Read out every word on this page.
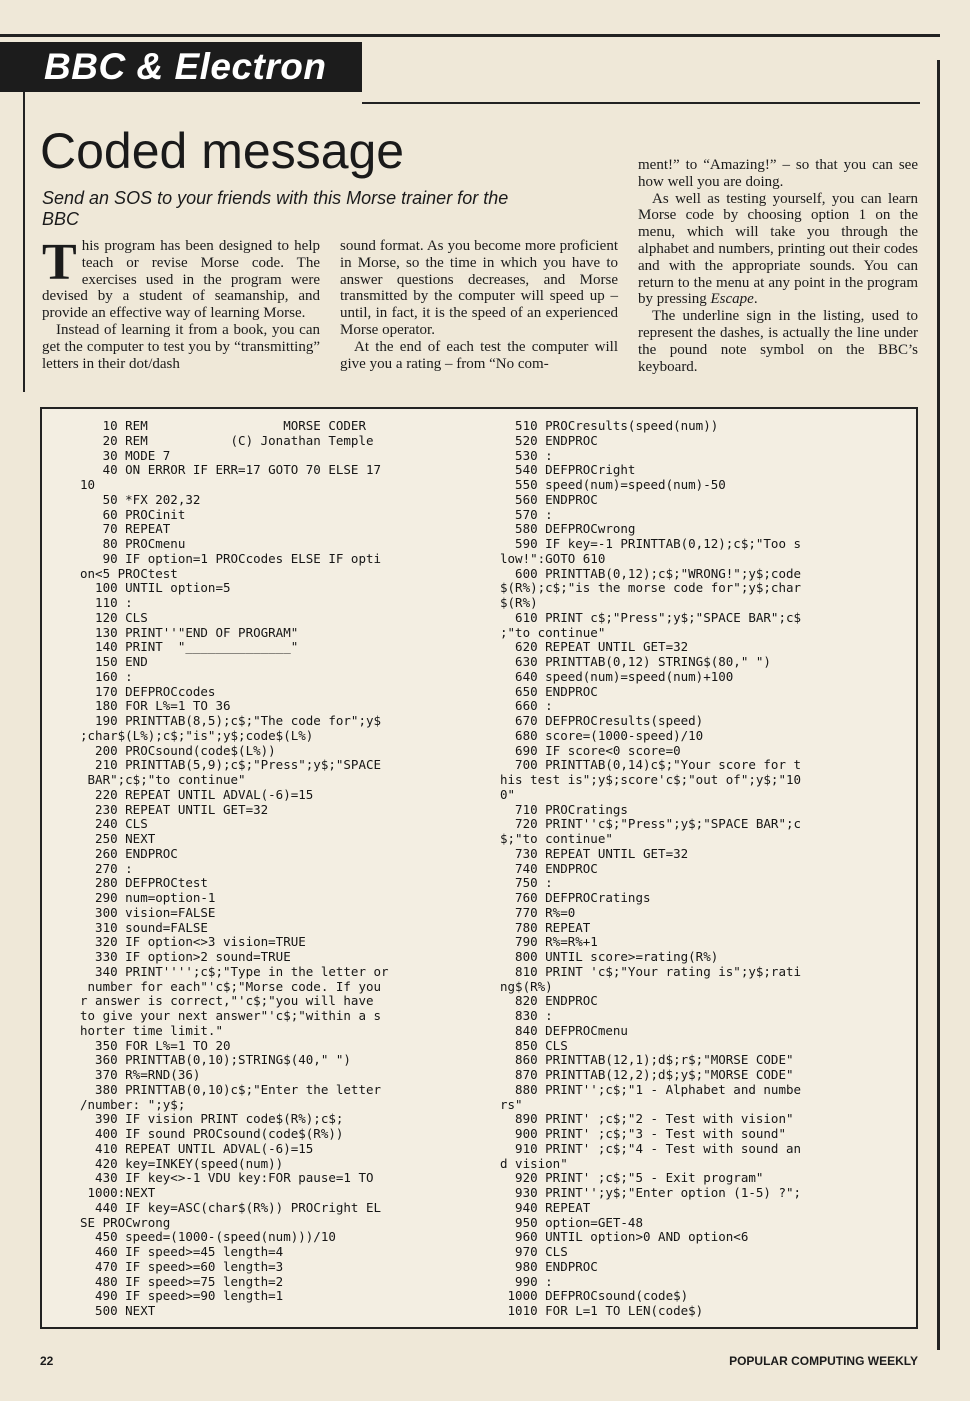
BBC & Electron
Coded message

Send an SOS to your friends with this Morse trainer for the BBC

This program has been designed to help teach or revise Morse code. The exercises used in the program were devised by a student of seamanship, and provide an effective way of learning Morse.

Instead of learning it from a book, you can get the computer to test you by “transmitting” letters in their dot/dash

sound format. As you become more proficient in Morse, so the time in which you have to answer questions decreases, and Morse transmitted by the computer will speed up – until, in fact, it is the speed of an experienced Morse operator.

At the end of each test the computer will give you a rating – from “No com-

ment!” to “Amazing!” – so that you can see how well you are doing.

As well as testing yourself, you can learn Morse code by choosing option 1 on the menu, which will take you through the alphabet and numbers, printing out their codes and with the appropriate sounds. You can return to the menu at any point in the program by pressing Escape.

The underline sign in the listing, used to represent the dashes, is actually the line under the pound note symbol on the BBC’s keyboard.

10 REM                  MORSE CODER
20 REM           (C) Jonathan Temple
30 MODE 7
40 ON ERROR IF ERR=17 GOTO 70 ELSE 17
10
50 *FX 202,32
60 PROCinit
70 REPEAT
80 PROCmenu
90 IF option=1 PROCcodes ELSE IF opti
on<5 PROCtest
100 UNTIL option=5
110 :
120 CLS
130 PRINT''"END OF PROGRAM"
140 PRINT  "______________"
150 END
160 :
170 DEFPROCcodes
180 FOR L%=1 TO 36
190 PRINTTAB(8,5);c$;"The code for";y$
;char$(L%);c$;"is";y$;code$(L%)
200 PROCsound(code$(L%))
210 PRINTTAB(5,9);c$;"Press";y$;"SPACE
BAR";c$;"to continue"
220 REPEAT UNTIL ADVAL(-6)=15
230 REPEAT UNTIL GET=32
240 CLS
250 NEXT
260 ENDPROC
270 :
280 DEFPROCtest
290 num=option-1
300 vision=FALSE
310 sound=FALSE
320 IF option<>3 vision=TRUE
330 IF option>2 sound=TRUE
340 PRINT'''';c$;"Type in the letter or
number for each"'c$;"Morse code. If you
r answer is correct,"'c$;"you will have
to give your next answer"'c$;"within a s
horter time limit."
350 FOR L%=1 TO 20
360 PRINTTAB(0,10);STRING$(40," ")
370 R%=RND(36)
380 PRINTTAB(0,10)c$;"Enter the letter
/number: ";y$;
390 IF vision PRINT code$(R%);c$;
400 IF sound PROCsound(code$(R%))
410 REPEAT UNTIL ADVAL(-6)=15
420 key=INKEY(speed(num))
430 IF key<>-1 VDU key:FOR pause=1 TO
1000:NEXT
440 IF key=ASC(char$(R%)) PROCright EL
SE PROCwrong
450 speed=(1000-(speed(num)))/10
460 IF speed>=45 length=4
470 IF speed>=60 length=3
480 IF speed>=75 length=2
490 IF speed>=90 length=1
500 NEXT

510 PROCresults(speed(num))
520 ENDPROC
530 :
540 DEFPROCright
550 speed(num)=speed(num)-50
560 ENDPROC
570 :
580 DEFPROCwrong
590 IF key=-1 PRINTTAB(0,12);c$;"Too s
low!":GOTO 610
600 PRINTTAB(0,12);c$;"WRONG!";y$;code
$(R%);c$;"is the morse code for";y$;char
$(R%)
610 PRINT c$;"Press";y$;"SPACE BAR";c$
;"to continue"
620 REPEAT UNTIL GET=32
630 PRINTTAB(0,12) STRING$(80," ")
640 speed(num)=speed(num)+100
650 ENDPROC
660 :
670 DEFPROCresults(speed)
680 score=(1000-speed)/10
690 IF score<0 score=0
700 PRINTTAB(0,14)c$;"Your score for t
his test is";y$;score'c$;"out of";y$;"10
0"
710 PROCratings
720 PRINT''c$;"Press";y$;"SPACE BAR";c
$;"to continue"
730 REPEAT UNTIL GET=32
740 ENDPROC
750 :
760 DEFPROCratings
770 R%=0
780 REPEAT
790 R%=R%+1
800 UNTIL score>=rating(R%)
810 PRINT 'c$;"Your rating is";y$;rati
ng$(R%)
820 ENDPROC
830 :
840 DEFPROCmenu
850 CLS
860 PRINTTAB(12,1);d$;r$;"MORSE CODE"
870 PRINTTAB(12,2);d$;y$;"MORSE CODE"
880 PRINT'';c$;"1 - Alphabet and numbe
rs"
890 PRINT' ;c$;"2 - Test with vision"
900 PRINT' ;c$;"3 - Test with sound"
910 PRINT' ;c$;"4 - Test with sound an
d vision"
920 PRINT' ;c$;"5 - Exit program"
930 PRINT'';y$;"Enter option (1-5) ?";
940 REPEAT
950 option=GET-48
960 UNTIL option>0 AND option<6
970 CLS
980 ENDPROC
990 :
1000 DEFPROCsound(code$)
1010 FOR L=1 TO LEN(code$)

22	POPULAR COMPUTING WEEKLY
